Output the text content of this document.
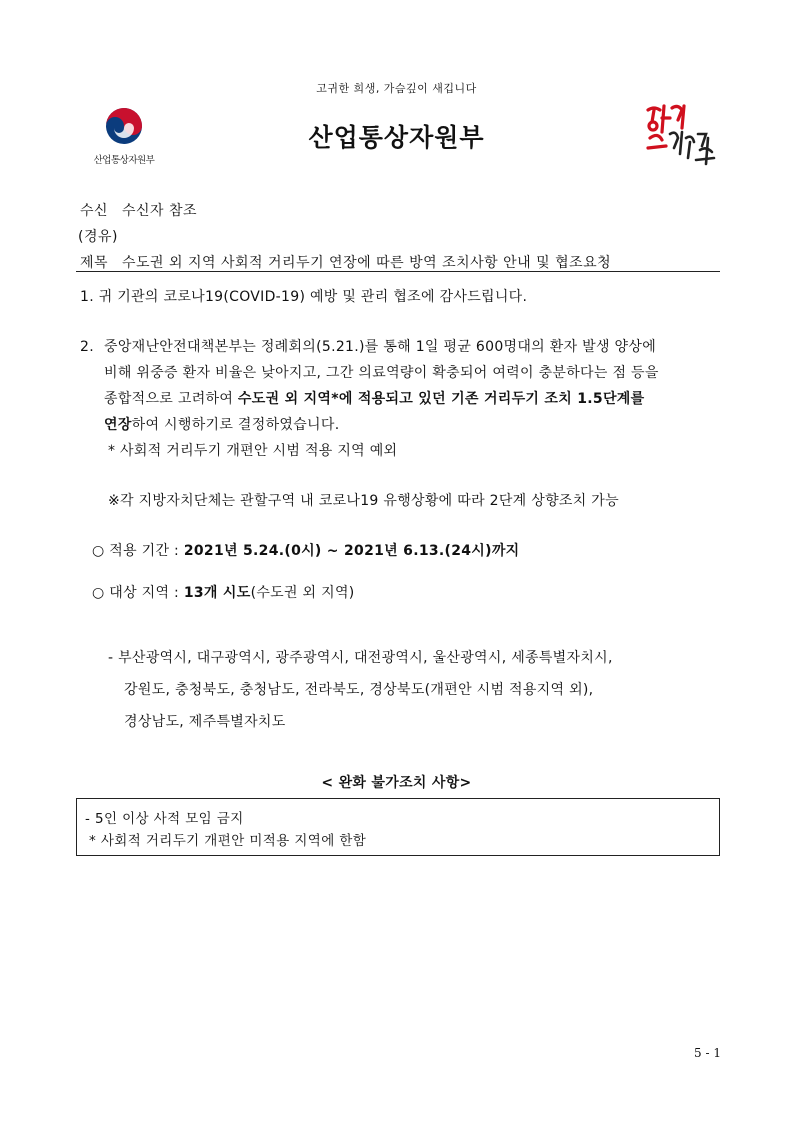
고귀한 희생, 가슴깊이 새깁니다
산업통상자원부
산업통상자원부
수신 수신자 참조
(경유)
제목 수도권 외 지역 사회적 거리두기 연장에 따른 방역 조치사항 안내 및 협조요청
1. 귀 기관의 코로나19(COVID-19) 예방 및 관리 협조에 감사드립니다.
2. 중앙재난안전대책본부는 정례회의(5.21.)를 통해 1일 평균 600명대의 환자 발생 양상에
비해 위중증 환자 비율은 낮아지고, 그간 의료역량이 확충되어 여력이 충분하다는 점 등을
종합적으로 고려하여 수도권 외 지역*에 적용되고 있던 기존 거리두기 조치 1.5단계를
연장하여 시행하기로 결정하였습니다.
* 사회적 거리두기 개편안 시범 적용 지역 예외
※각 지방자치단체는 관할구역 내 코로나19 유행상황에 따라 2단계 상향조치 가능
○ 적용 기간 : 2021년 5.24.(0시) ~ 2021년 6.13.(24시)까지
○ 대상 지역 : 13개 시도(수도권 외 지역)
- 부산광역시, 대구광역시, 광주광역시, 대전광역시, 울산광역시, 세종특별자치시,
강원도, 충청북도, 충청남도, 전라북도, 경상북도(개편안 시범 적용지역 외),
경상남도, 제주특별자치도
< 완화 불가조치 사항>
- 5인 이상 사적 모임 금지
* 사회적 거리두기 개편안 미적용 지역에 한함
5 - 1
